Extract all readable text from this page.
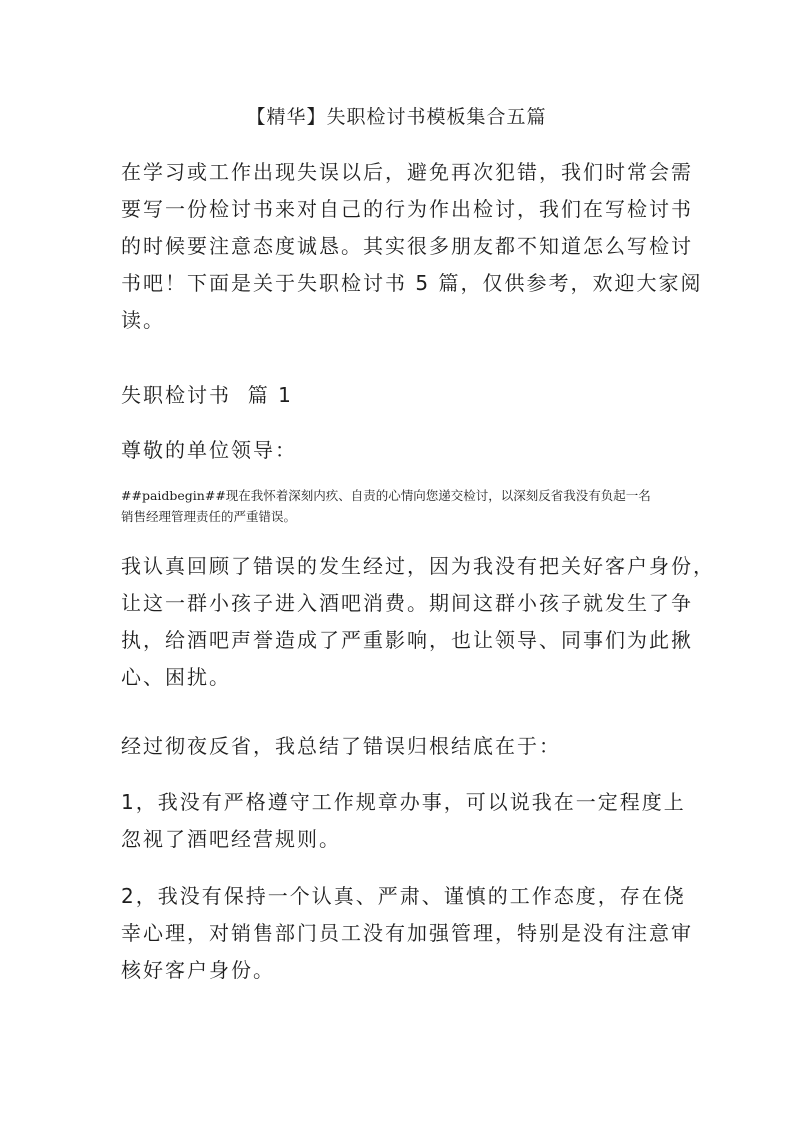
【精华】失职检讨书模板集合五篇
在学习或工作出现失误以后，避免再次犯错，我们时常会需
要写一份检讨书来对自己的行为作出检讨，我们在写检讨书
的时候要注意态度诚恳。其实很多朋友都不知道怎么写检讨
书吧！下面是关于失职检讨书 5 篇，仅供参考，欢迎大家阅
读。
失职检讨书  篇 1
尊敬的单位领导：
##paidbegin##现在我怀着深刻内疚、自责的心情向您递交检讨，以深刻反省我没有负起一名
销售经理管理责任的严重错误。
我认真回顾了错误的发生经过，因为我没有把关好客户身份，
让这一群小孩子进入酒吧消费。期间这群小孩子就发生了争
执，给酒吧声誉造成了严重影响，也让领导、同事们为此揪
心、困扰。
经过彻夜反省，我总结了错误归根结底在于：
1，我没有严格遵守工作规章办事，可以说我在一定程度上
忽视了酒吧经营规则。
2，我没有保持一个认真、严肃、谨慎的工作态度，存在侥
幸心理，对销售部门员工没有加强管理，特别是没有注意审
核好客户身份。
